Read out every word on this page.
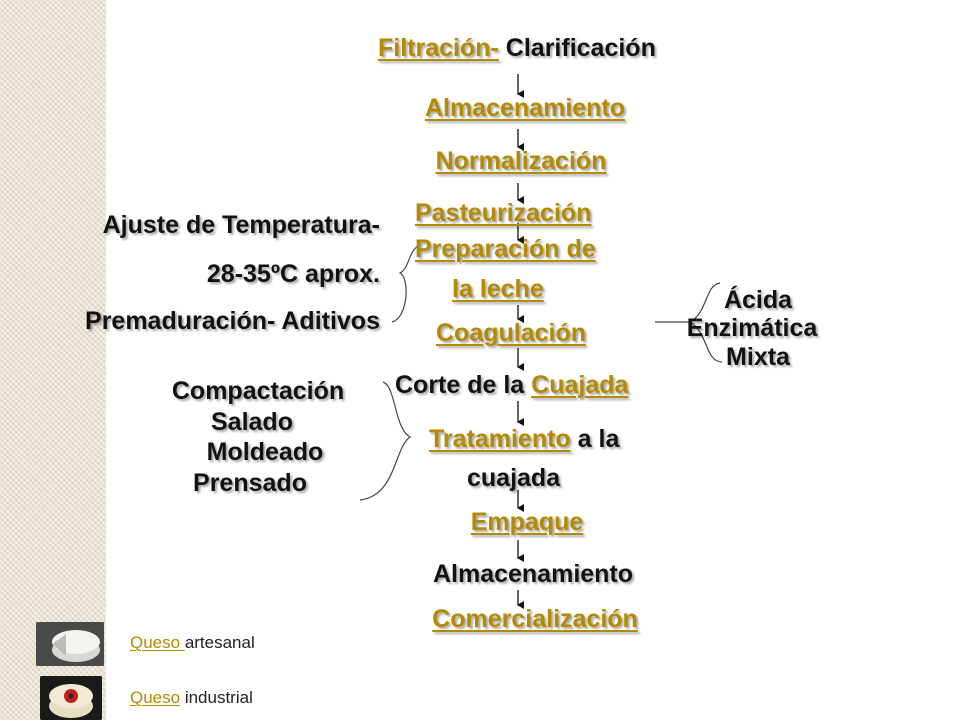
Filtración- Clarificación
Almacenamiento
Normalización
Pasteurización
Preparación de
la leche
Coagulación
Corte de la Cuajada
Tratamiento a la
cuajada
Empaque
Almacenamiento
Comercialización
Ajuste de Temperatura-
28-35ºC aprox.
Premaduración- Aditivos
Ácida
Enzimática
Mixta
Compactación
Salado
Moldeado
Prensado
Queso artesanal
Queso industrial
